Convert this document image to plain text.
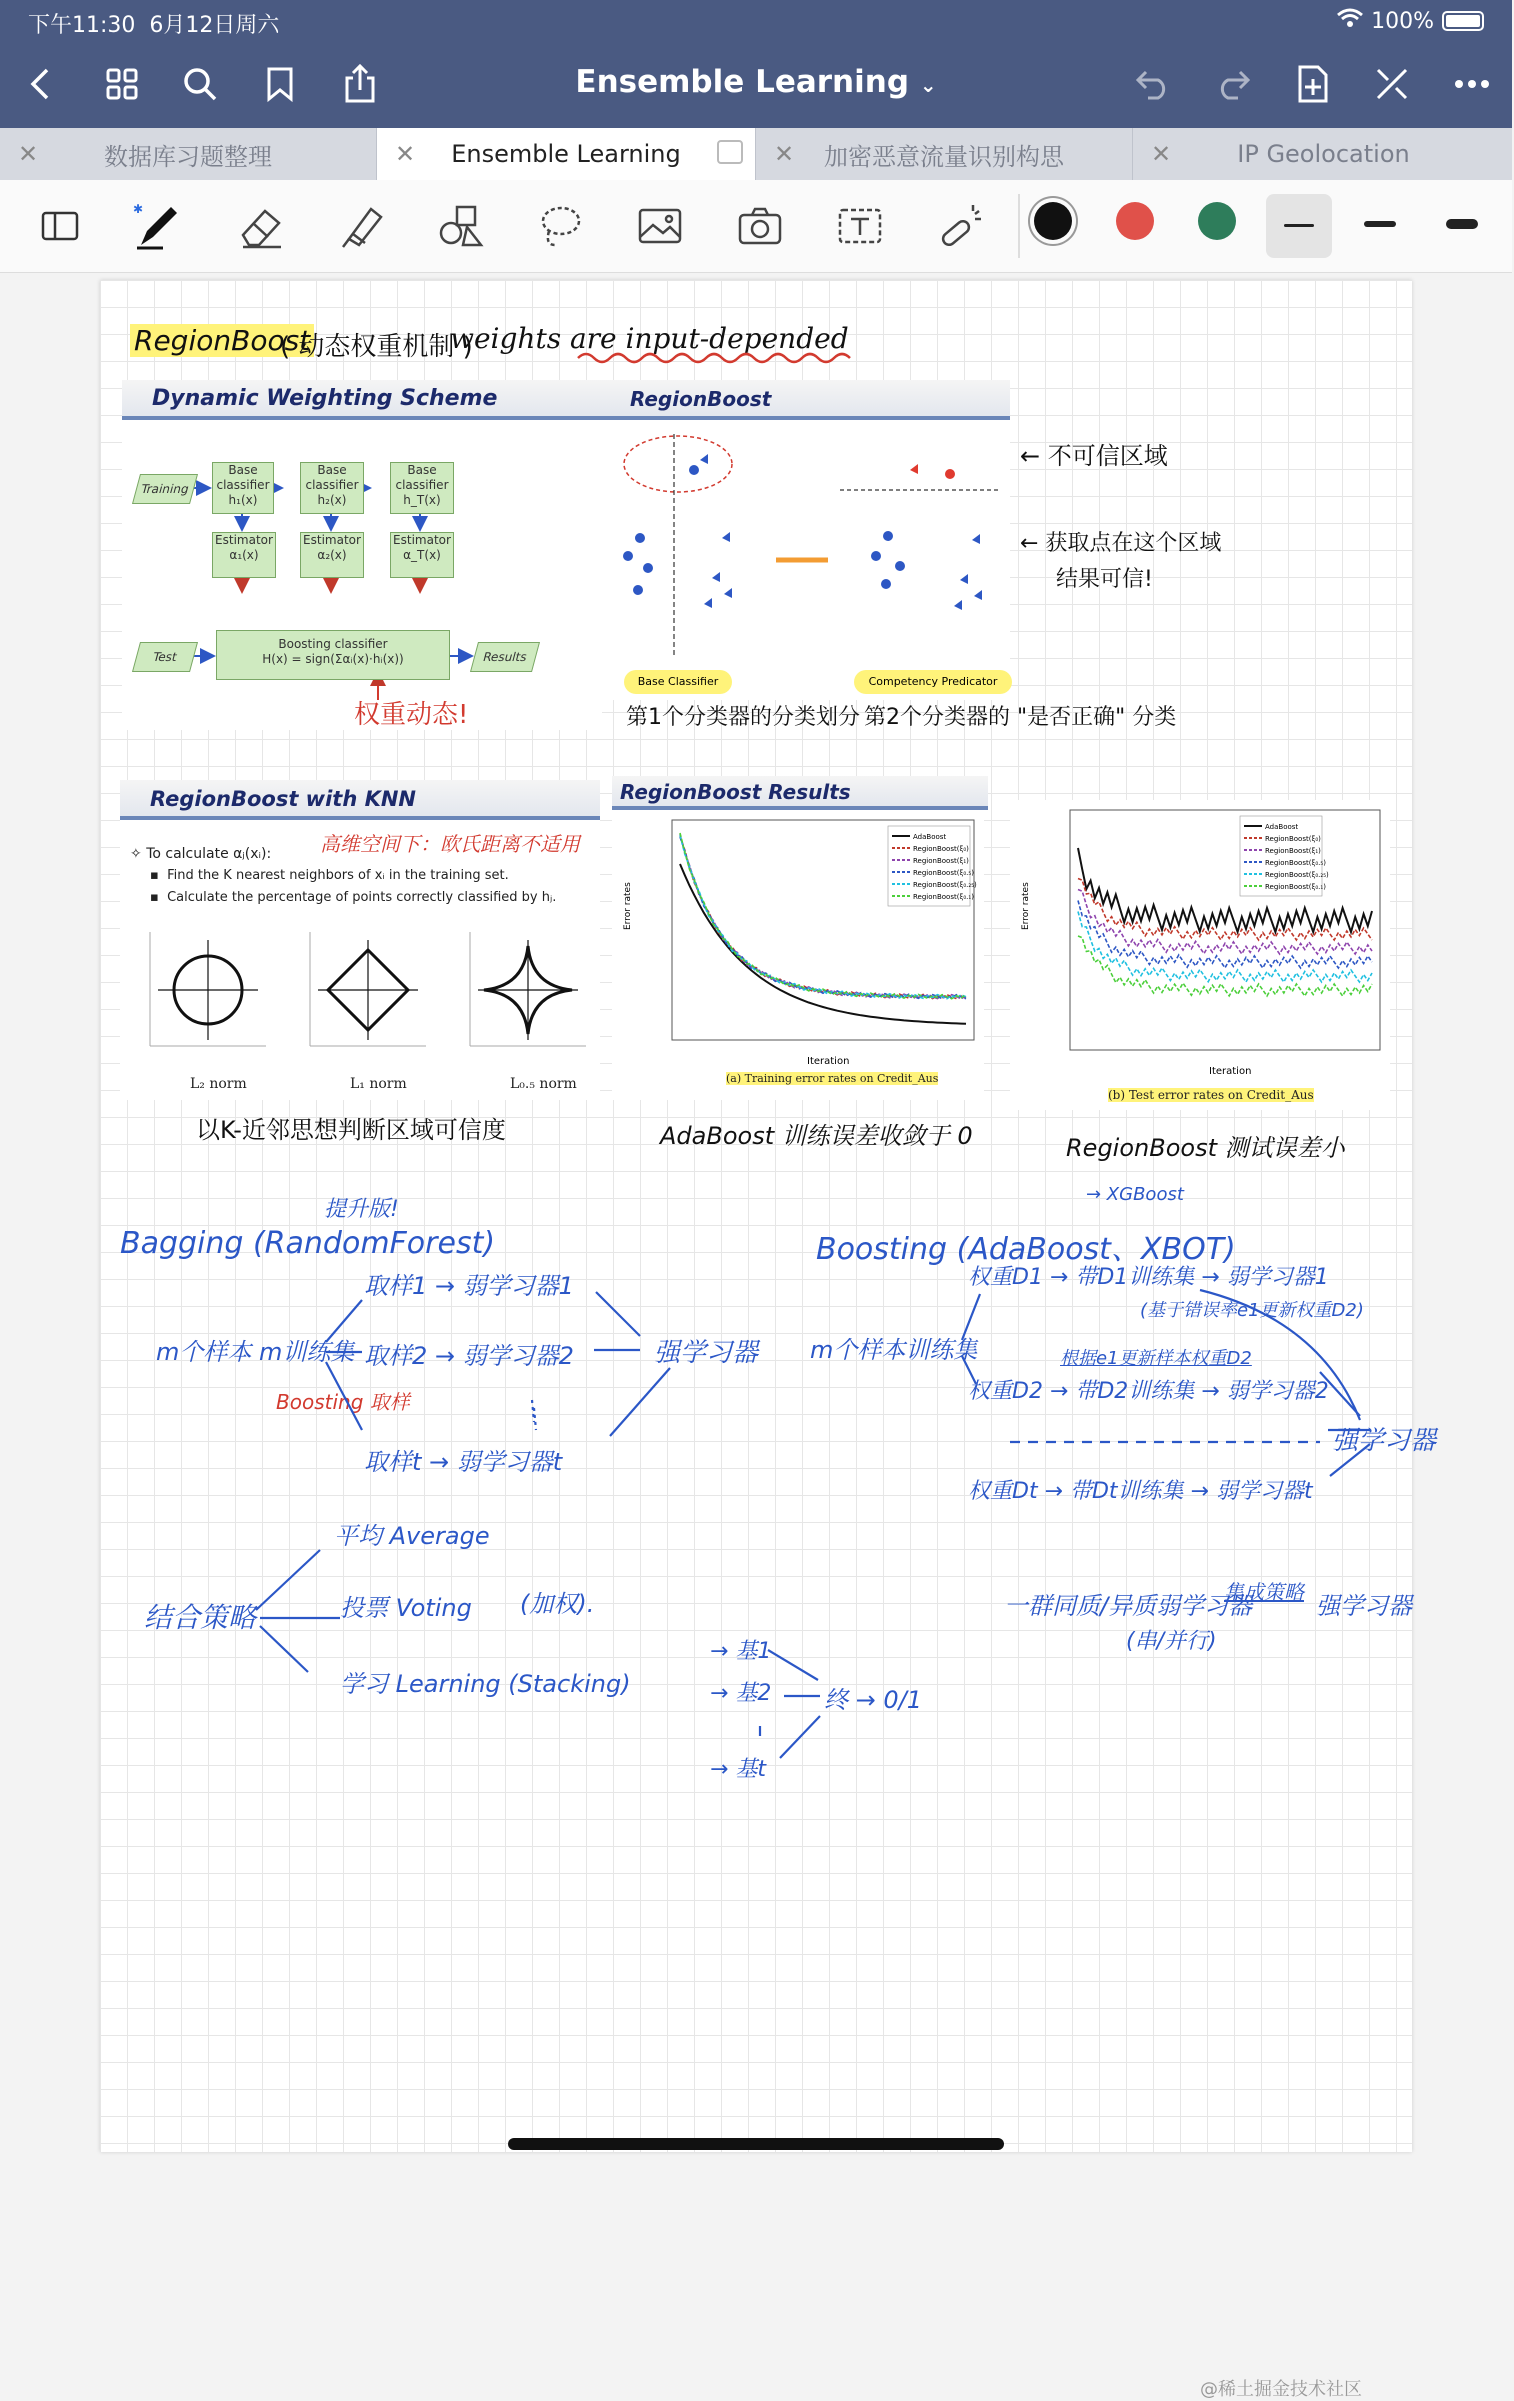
下午11:30 6月12日周六	100%
Ensemble Learning ⌄
✕	数据库习题整理	✕ Ensemble Learning	✕ 加密恶意流量识别构思	✕	IP Geolocation
✱
RegionBoost
( 动态权重机制 )
weights are input-depended
Dynamic Weighting Scheme
Training
Base classifier h₁(x)
Base classifier h₂(x)
Base classifier h_T(x)
Estimator α₁(x)
Estimator α₂(x)
Estimator α_T(x)
Test
Boosting classifier
H(x) = sign(Σαᵢ(x)·hᵢ(x))	Results
权重动态!
RegionBoost
Base Classifier	Competency Predicator
← 不可信区域
← 获取点在这个区域
结果可信!
第1个分类器的分类划分 第2个分类器的 "是否正确" 分类
RegionBoost with KNN
✧ To calculate αⱼ(xᵢ): 高维空间下：欧氏距离不适用
▪  Find the K nearest neighbors of xᵢ in the training set.
▪  Calculate the percentage of points correctly classified by hⱼ.
L₂ norm	L₁ norm	L₀.₅ norm
以K-近邻思想判断区域可信度
RegionBoost Results
Error rates
Iteration
AdaBoost
RegionBoost(ξ₀)
RegionBoost(ξ₁)
RegionBoost(ξ₀.₅)
RegionBoost(ξ₀.₂₅)
RegionBoost(ξ₀.₁)
(a) Training error rates on Credit_Aus
Error rates
Iteration
AdaBoost
RegionBoost(ξ₀)
RegionBoost(ξ₁)
RegionBoost(ξ₀.₅)
RegionBoost(ξ₀.₂₅)
RegionBoost(ξ₀.₁)
(b) Test error rates on Credit_Aus
AdaBoost 训练误差收敛于 0	RegionBoost 测试误差小
Bagging (RandomForest)
提升版!
m个样本 m训练集
取样1 → 弱学习器1
取样2 → 弱学习器2
Boosting 取样
取样t → 弱学习器t
强学习器
Boosting (AdaBoost、XBOT)
→ XGBoost
m个样本训练集
权重D1 → 带D1训练集 → 弱学习器1
(基于错误率e1更新权重D2)
根据e1更新样本权重D2
权重D2 → 带D2训练集 → 弱学习器2
权重Dt → 带Dt训练集 → 弱学习器t
强学习器
结合策略
平均 Average
投票 Voting (加权).
学习 Learning (Stacking)
→ 基1
→ 基2
→ 基t
终 → 0/1
一群同质/异质弱学习器
(串/并行)
集成策略 强学习器
@稀土掘金技术社区
